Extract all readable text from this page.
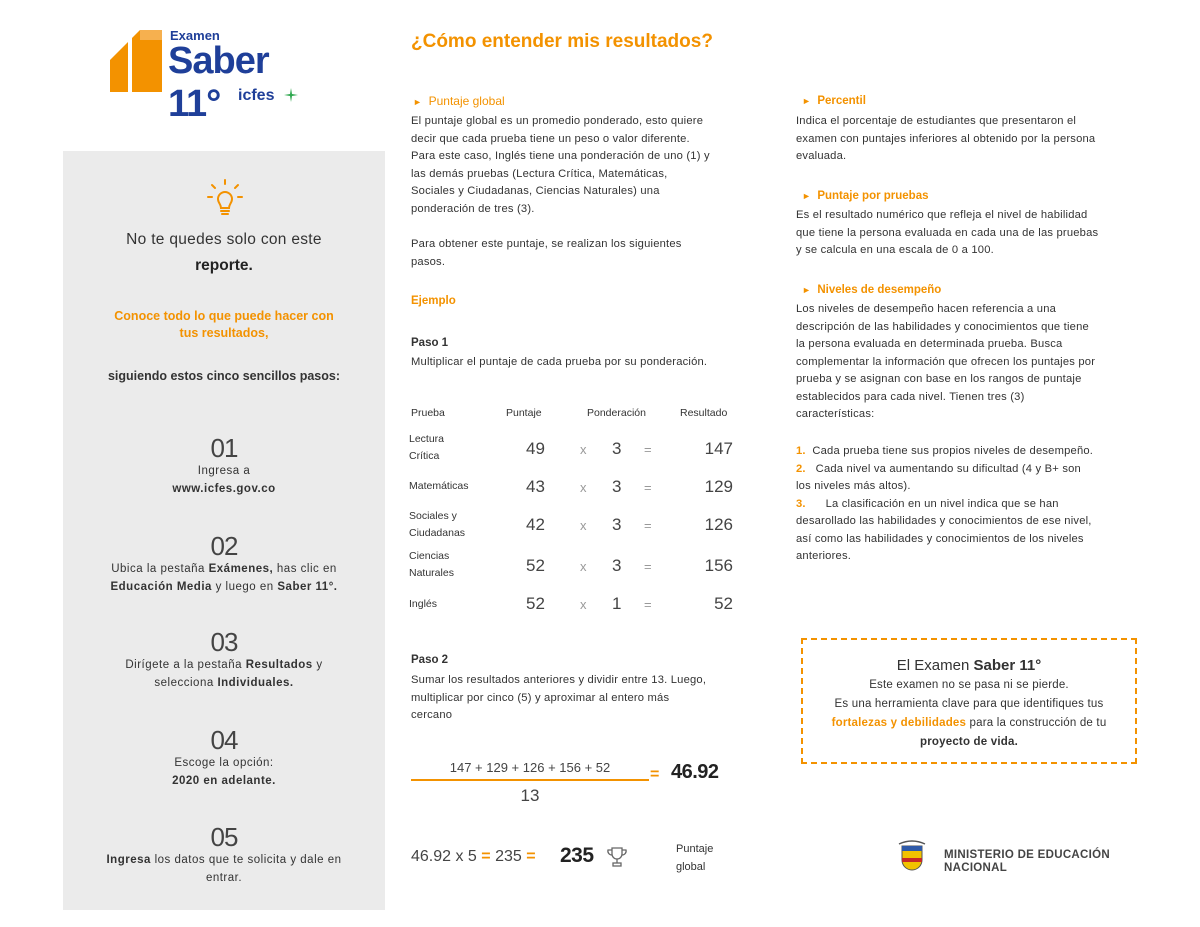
Examen
Saber 11°	icfes
No te quedes solo con este
reporte.
Conoce todo lo que puede hacer con
tus resultados,
siguiendo estos cinco sencillos pasos:
01
Ingresa a
www.icfes.gov.co
02
Ubica la pestaña Exámenes, has clic en
Educación Media y luego en Saber 11°.
03
Dirígete a la pestaña Resultados y
selecciona Individuales.
04
Escoge la opción:
2020 en adelante.
05
Ingresa los datos que te solicita y dale en
entrar.
¿Cómo entender mis resultados?
► Puntaje global
El puntaje global es un promedio ponderado, esto quiere
decir que cada prueba tiene un peso o valor diferente.
Para este caso, Inglés tiene una ponderación de uno (1) y
las demás pruebas (Lectura Crítica, Matemáticas,
Sociales y Ciudadanas, Ciencias Naturales) una
ponderación de tres (3).
Para obtener este puntaje, se realizan los siguientes
pasos.
Ejemplo
Paso 1
Multiplicar el puntaje de cada prueba por su ponderación.
Prueba	Puntaje	Ponderación	Resultado
Lectura
Crítica	49	x 3 =	147
Matemáticas	43	x 3 =	129
Sociales y
Ciudadanas	42	x 3 =	126
Ciencias
Naturales	52	x 3 =	156
Inglés	52	x 1 =	52
Paso 2
Sumar los resultados anteriores y dividir entre 13. Luego,
multiplicar por cinco (5) y aproximar al entero más
cercano
147 + 129 + 126 + 156 + 52
13
= 46.92
46.92 x 5 = 235 = 235	Puntaje
global
► Percentil
Indica el porcentaje de estudiantes que presentaron el
examen con puntajes inferiores al obtenido por la persona
evaluada.
► Puntaje por pruebas
Es el resultado numérico que refleja el nivel de habilidad
que tiene la persona evaluada en cada una de las pruebas
y se calcula en una escala de 0 a 100.
► Niveles de desempeño
Los niveles de desempeño hacen referencia a una
descripción de las habilidades y conocimientos que tiene
la persona evaluada en determinada prueba. Busca
complementar la información que ofrecen los puntajes por
prueba y se asignan con base en los rangos de puntaje
establecidos para cada nivel. Tienen tres (3)
características:
1. Cada prueba tiene sus propios niveles de desempeño.
2. Cada nivel va aumentando su dificultad (4 y B+ son
los niveles más altos).
3. La clasificación en un nivel indica que se han
desarollado las habilidades y conocimientos de ese nivel,
así como las habilidades y conocimientos de los niveles
anteriores.
El Examen Saber 11°
Este examen no se pasa ni se pierde.
Es una herramienta clave para que identifiques tus
fortalezas y debilidades para la construcción de tu
proyecto de vida.
MINISTERIO DE EDUCACIÓN
NACIONAL
